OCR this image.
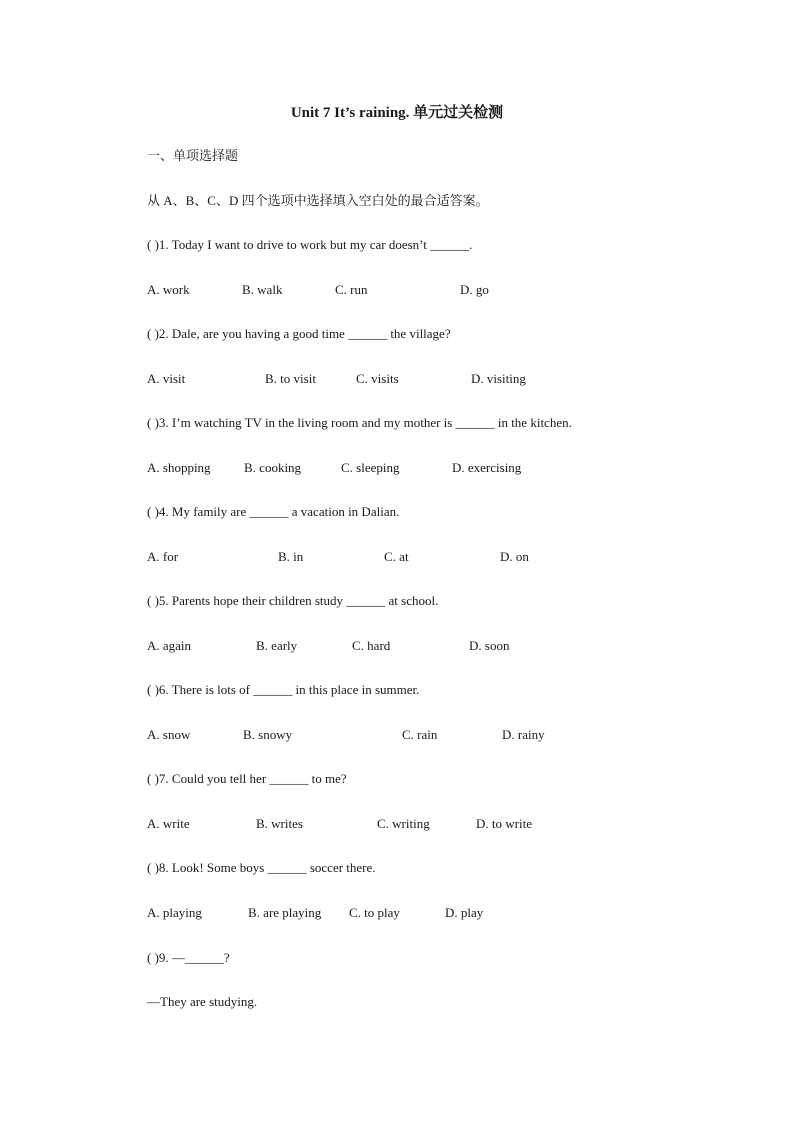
Unit 7 It’s raining. 单元过关检测
一、单项选择题
从 A、B、C、D 四个选项中选择填入空白处的最合适答案。
( )1. Today I want to drive to work but my car doesn’t ______.
A. work	B. walk	C. run	D. go
( )2. Dale, are you having a good time ______ the village?
A. visit	B. to visit	C. visits	D. visiting
( )3. I’m watching TV in the living room and my mother is ______ in the kitchen.
A. shopping	B. cooking	C. sleeping	D. exercising
( )4. My family are ______ a vacation in Dalian.
A. for	B. in	C. at	D. on
( )5. Parents hope their children study ______ at school.
A. again	B. early	C. hard	D. soon
( )6. There is lots of ______ in this place in summer.
A. snow	B. snowy	C. rain	D. rainy
( )7. Could you tell her ______ to me?
A. write	B. writes	C. writing	D. to write
( )8. Look! Some boys ______ soccer there.
A. playing	B. are playing C. to play	D. play
( )9. —______?
—They are studying.
